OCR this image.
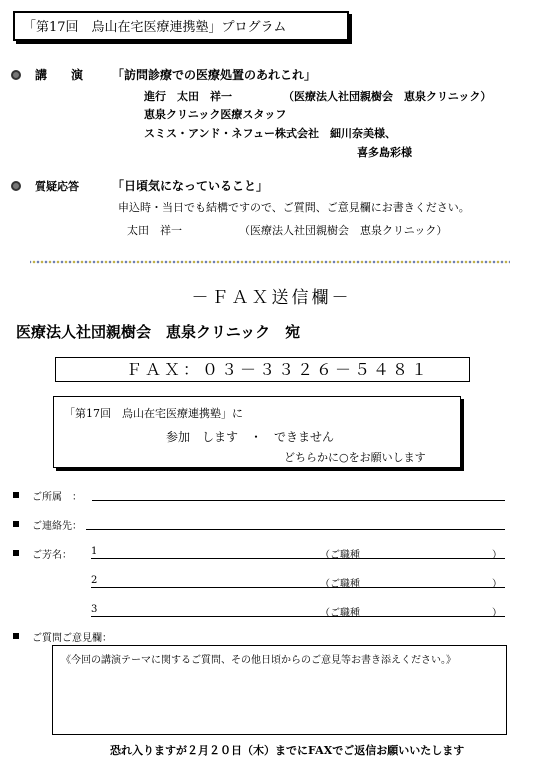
「第17回　烏山在宅医療連携塾」プログラム
講　　演 「訪問診療での医療処置のあれこれ」
進行　太田　祥一	（医療法人社団親樹会　恵泉クリニック）
恵泉クリニック医療スタッフ
スミス・アンド・ネフュー株式会社　細川奈美様、
喜多島彩様
質疑応答	「日頃気になっていること」
申込時・当日でも結構ですので、ご質問、ご意見欄にお書きください。
太田　祥一	（医療法人社団親樹会　恵泉クリニック）
－ＦＡＸ送信欄－
医療法人社団親樹会　恵泉クリニック　宛
ＦＡＸ：０３－３３２６－５４８１
「第17回　烏山在宅医療連携塾」に
参加　します　・　できません
どちらかに○をお願いします
ご所属　：
ご連絡先：
ご芳名： 1	（ご職種	）
2	（ご職種	）
3	（ご職種	）
ご質問ご意見欄：
《今回の講演テーマに関するご質問、その他日頃からのご意見等お書き添えください。》
恐れ入りますが２月２０日（木）までにFAXでご返信お願いいたします
